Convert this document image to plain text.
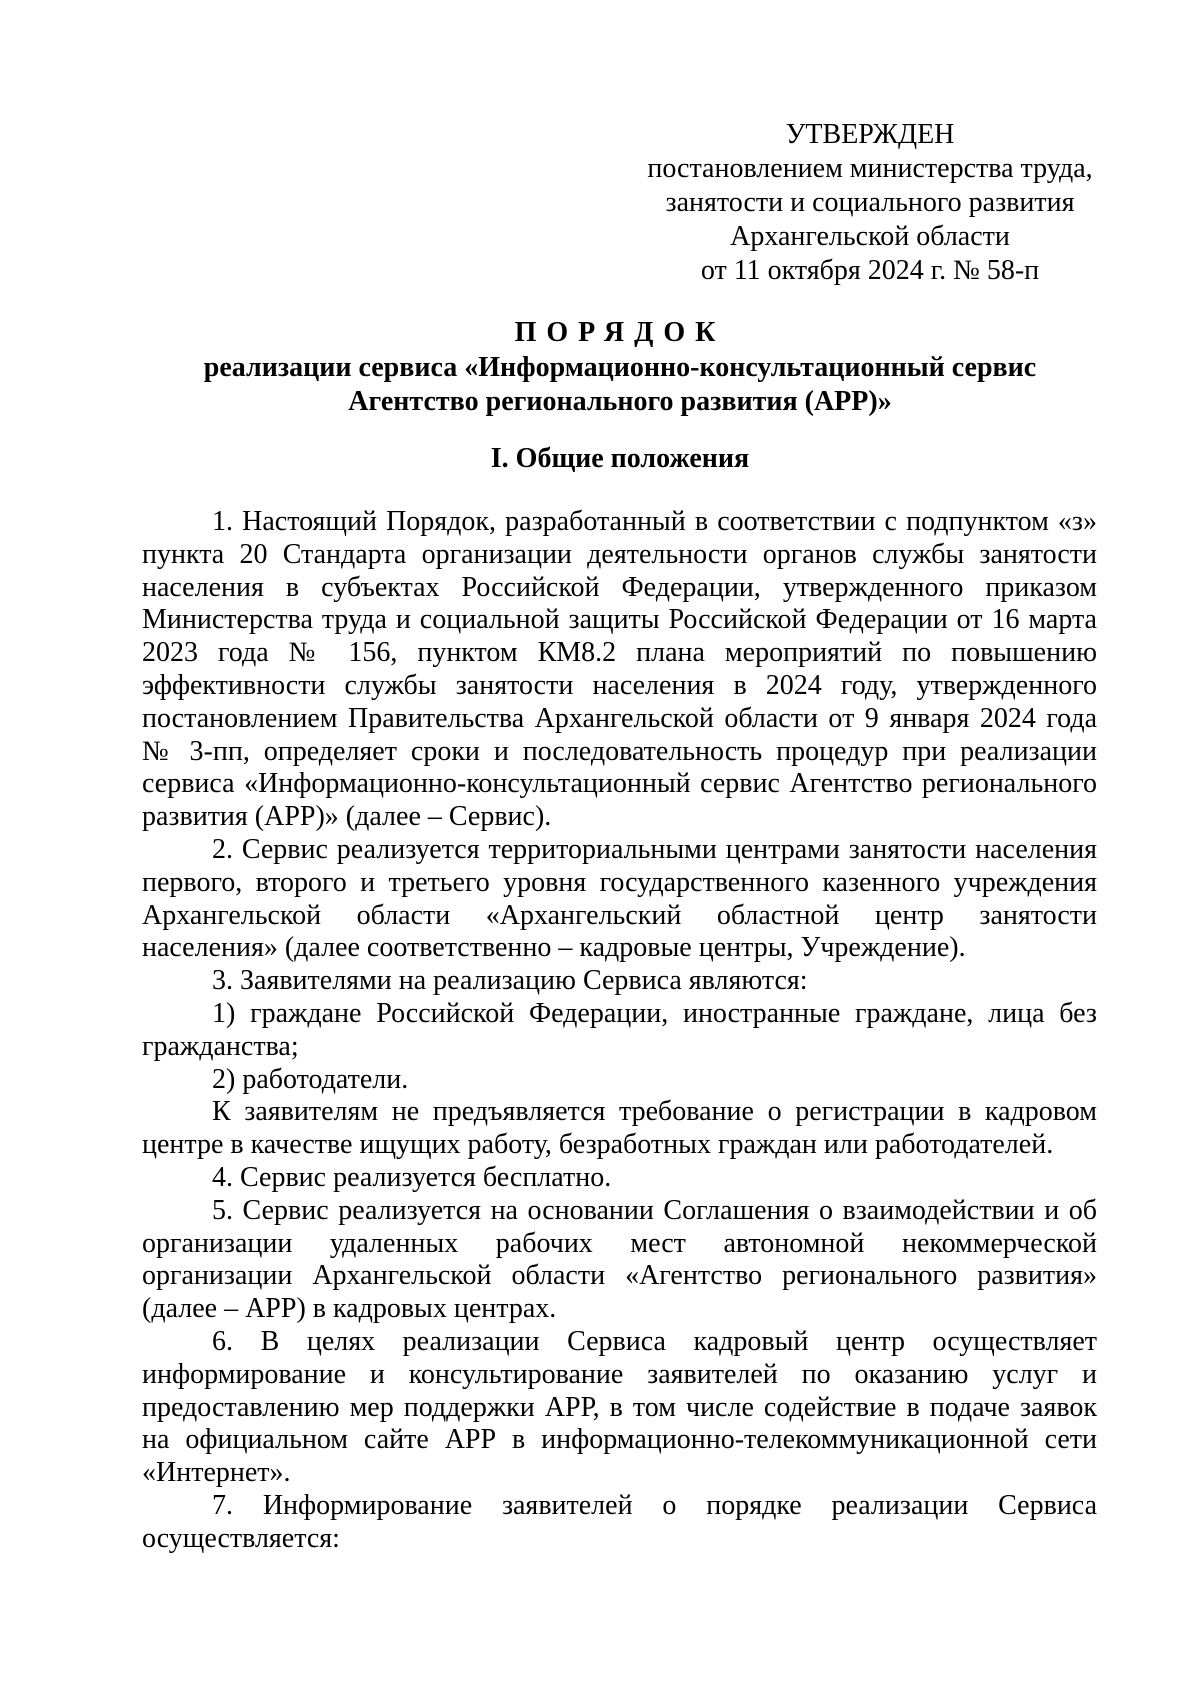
УТВЕРЖДЕН
постановлением министерства труда,
занятости и социального развития
Архангельской области
от 11 октября 2024 г. № 58-п
ПОРЯДОК
реализации сервиса «Информационно-консультационный сервис
Агентство регионального развития (АРР)»
I. Общие положения

1. Настоящий Порядок, разработанный в соответствии с подпунктом «з» пункта 20 Стандарта организации деятельности органов службы занятости населения в субъектах Российской Федерации, утвержденного приказом Министерства труда и социальной защиты Российской Федерации от 16 марта 2023 года № 156, пунктом КМ8.2 плана мероприятий по повышению эффективности службы занятости населения в 2024 году, утвержденного постановлением Правительства Архангельской области от 9 января 2024 года № 3-пп, определяет сроки и последовательность процедур при реализации сервиса «Информационно-консультационный сервис Агентство регионального развития (АРР)» (далее – Сервис).

2. Сервис реализуется территориальными центрами занятости населения первого, второго и третьего уровня государственного казенного учреждения Архангельской области «Архангельский областной центр занятости населения» (далее соответственно – кадровые центры, Учреждение).

3. Заявителями на реализацию Сервиса являются:

1) граждане Российской Федерации, иностранные граждане, лица без гражданства;

2) работодатели.

К заявителям не предъявляется требование о регистрации в кадровом центре в качестве ищущих работу, безработных граждан или работодателей.

4. Сервис реализуется бесплатно.

5. Сервис реализуется на основании Соглашения о взаимодействии и об организации удаленных рабочих мест автономной некоммерческой организации Архангельской области «Агентство регионального развития» (далее – АРР) в кадровых центрах.

6. В целях реализации Сервиса кадровый центр осуществляет информирование и консультирование заявителей по оказанию услуг и предоставлению мер поддержки АРР, в том числе содействие в подаче заявок на официальном сайте АРР в информационно-телекоммуникационной сети «Интернет».

7. Информирование заявителей о порядке реализации Сервиса осуществляется:
